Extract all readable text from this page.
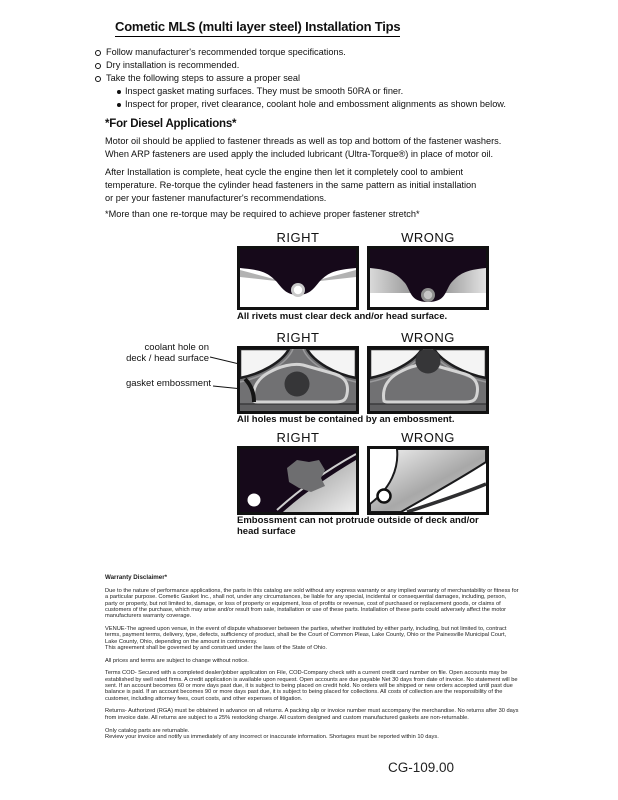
Cometic MLS (multi layer steel) Installation Tips
Follow manufacturer's recommended torque specifications.
Dry installation is recommended.
Take the following steps to assure a proper seal
Inspect gasket mating surfaces. They must be smooth 50RA or finer.
Inspect for proper, rivet clearance, coolant hole and embossment alignments as shown below.
*For Diesel Applications*
Motor oil should be applied to fastener threads as well as top and bottom of the fastener washers.
When ARP fasteners are used apply the included lubricant (Ultra-Torque®) in place of motor oil.
After Installation is complete, heat cycle the engine then let it completely cool to ambient
temperature. Re-torque the cylinder head fasteners in the same pattern as initial installation
or per your fastener manufacturer's recommendations.
*More than one re-torque may be required to achieve proper fastener stretch*
RIGHT	WRONG
All rivets must clear deck and/or head surface.
coolant hole on
deck / head surface
gasket embossment
RIGHT	WRONG
All holes must be contained by an embossment.
RIGHT	WRONG
Embossment can not protrude outside of deck and/or head surface
Warranty Disclaimer*

Due to the nature of performance applications, the parts in this catalog are sold without any express warranty or any implied warranty of merchantability or fitness for a particular purpose. Cometic Gasket Inc., shall not, under any circumstances, be liable for any special, incidental or consequential damages, including, person, party or property, but not limited to, damage, or loss of property or equipment, loss of profits or revenue, cost of purchased or replacement goods, or claims of customers of the purchase, which may arise and/or result from sale, installation or use of these parts. Installation of these parts could adversely affect the motor manufacturers warranty coverage.

VENUE-The agreed upon venue, in the event of dispute whatsoever between the parties, whether instituted by either party, including, but not limited to, contract terms, payment terms, delivery, type, defects, sufficiency of product, shall be the Court of Common Pleas, Lake County, Ohio or the Painesville Municipal Court, Lake County, Ohio, depending on the amount in controversy.

This agreement shall be governed by and construed under the laws of the State of Ohio.

All prices and terms are subject to change without notice.

Terms COD- Secured with a completed dealer/jobber application on File, COD-Company check with a current credit card number on file. Open accounts may be established by well rated firms. A credit application is available upon request. Open accounts are due payable Net 30 days from date of invoice. No statement will be sent. If an account becomes 60 or more days past due, it is subject to being placed on credit hold. No orders will be shipped or new orders accepted until past due balance is paid. If an account becomes 90 or more days past due, it is subject to being placed for collections. All costs of collection are the responsibility of the customer, including attorney fees, court costs, and other expenses of litigation.

Returns- Authorized (RGA) must be obtained in advance on all returns. A packing slip or invoice number must accompany the merchandise. No returns after 30 days from invoice date. All returns are subject to a 25% restocking charge. All custom designed and custom manufactured gaskets are non-returnable.

Only catalog parts are returnable.

Review your invoice and notify us immediately of any incorrect or inaccurate information. Shortages must be reported within 10 days.

CG-109.00
